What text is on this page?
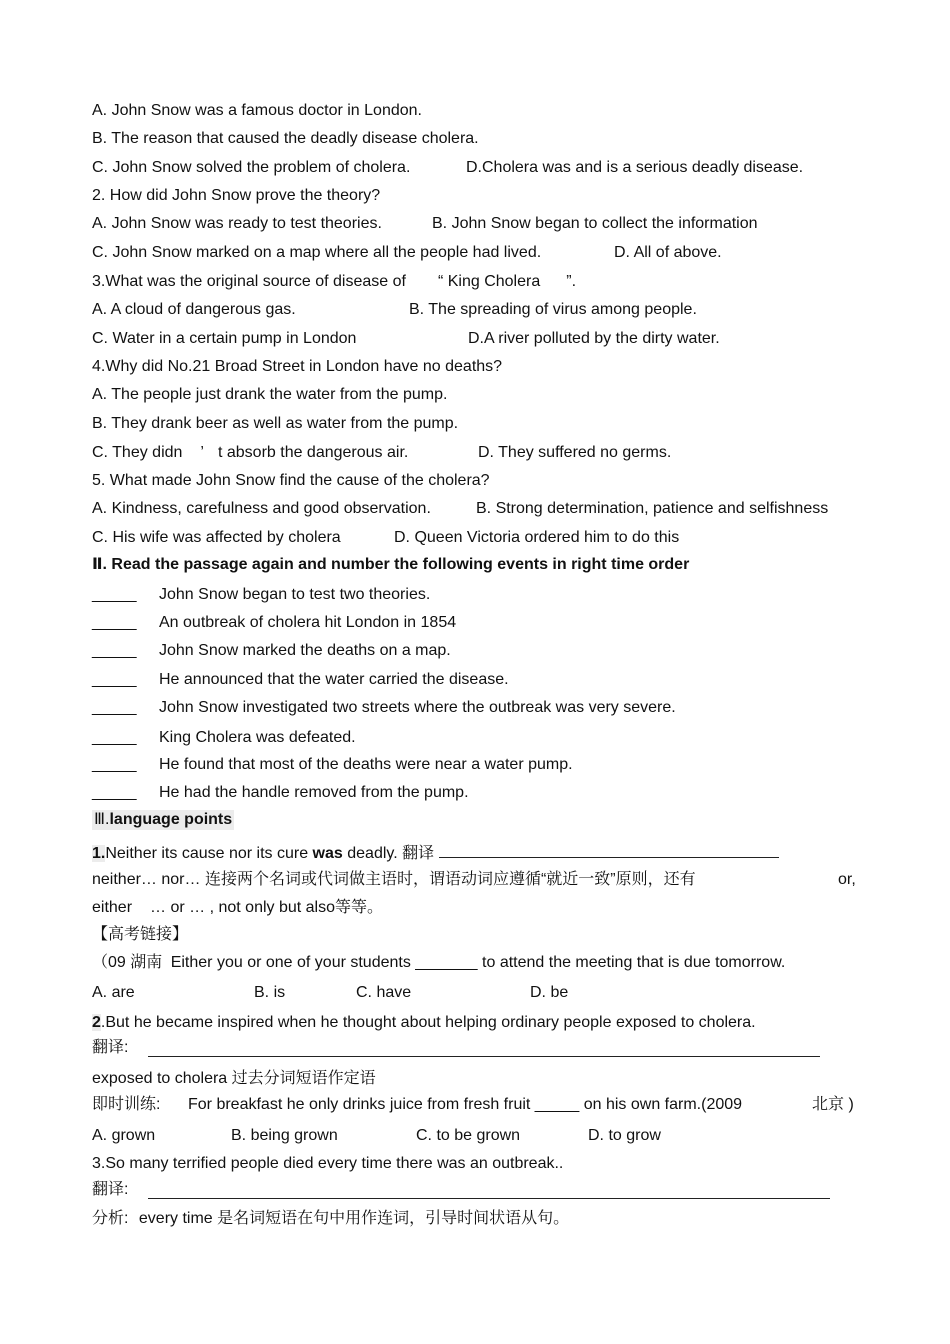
A. John Snow was a famous doctor in London.
B. The reason that caused the deadly disease cholera.
C. John Snow solved the problem of cholera.	D.Cholera was and is a serious deadly disease.
2. How did John Snow prove the theory?
A. John Snow was ready to test theories.	B. John Snow began to collect the information
C. John Snow marked on a map where all the people had lived.	D. All of above.
3.What was the original source of disease of “ King Cholera ”.
A. A cloud of dangerous gas.	B. The spreading of virus among people.
C. Water in a certain pump in London	D.A river polluted by the dirty water.
4.Why did No.21 Broad Street in London have no deaths?
A. The people just drank the water from the pump.
B. They drank beer as well as water from the pump.
C. They didn ’ t absorb the dangerous air.	D. They suffered no germs.
5. What made John Snow find the cause of the cholera?
A. Kindness, carefulness and good observation.	B. Strong determination, patience and selfishness
C. His wife was affected by cholera	D. Queen Victoria ordered him to do this
Ⅱ. Read the passage again and number the following events in right time order
_____ John Snow began to test two theories.
_____ An outbreak of cholera hit London in 1854
_____ John Snow marked the deaths on a map.
_____ He announced that the water carried the disease.
_____ John Snow investigated two streets where the outbreak was very severe.
_____ King Cholera was defeated.
_____ He found that most of the deaths were near a water pump.
_____ He had the handle removed from the pump.
Ⅲ.language points
1.Neither its cause nor its cure was deadly. 翻译
neither… nor… 连接两个名词或代词做主语时，谓语动词应遵循“就近一致”原则，还有	or,
either … or … , not only but also等等。
【高考链接】
（09 湖南 Either you or one of your students _______ to attend the meeting that is due tomorrow.
A. are	B. is	C. have	D. be
2.But he became inspired when he thought about helping ordinary people exposed to cholera.
翻译:
exposed to cholera 过去分词短语作定语
即时训练: For breakfast he only drinks juice from fresh fruit _____ on his own farm.(2009	北京 )
A. grown	B. being grown	C. to be grown	D. to grow
3.So many terrified people died every time there was an outbreak..
翻译:
分析: every time 是名词短语在句中用作连词，引导时间状语从句。
